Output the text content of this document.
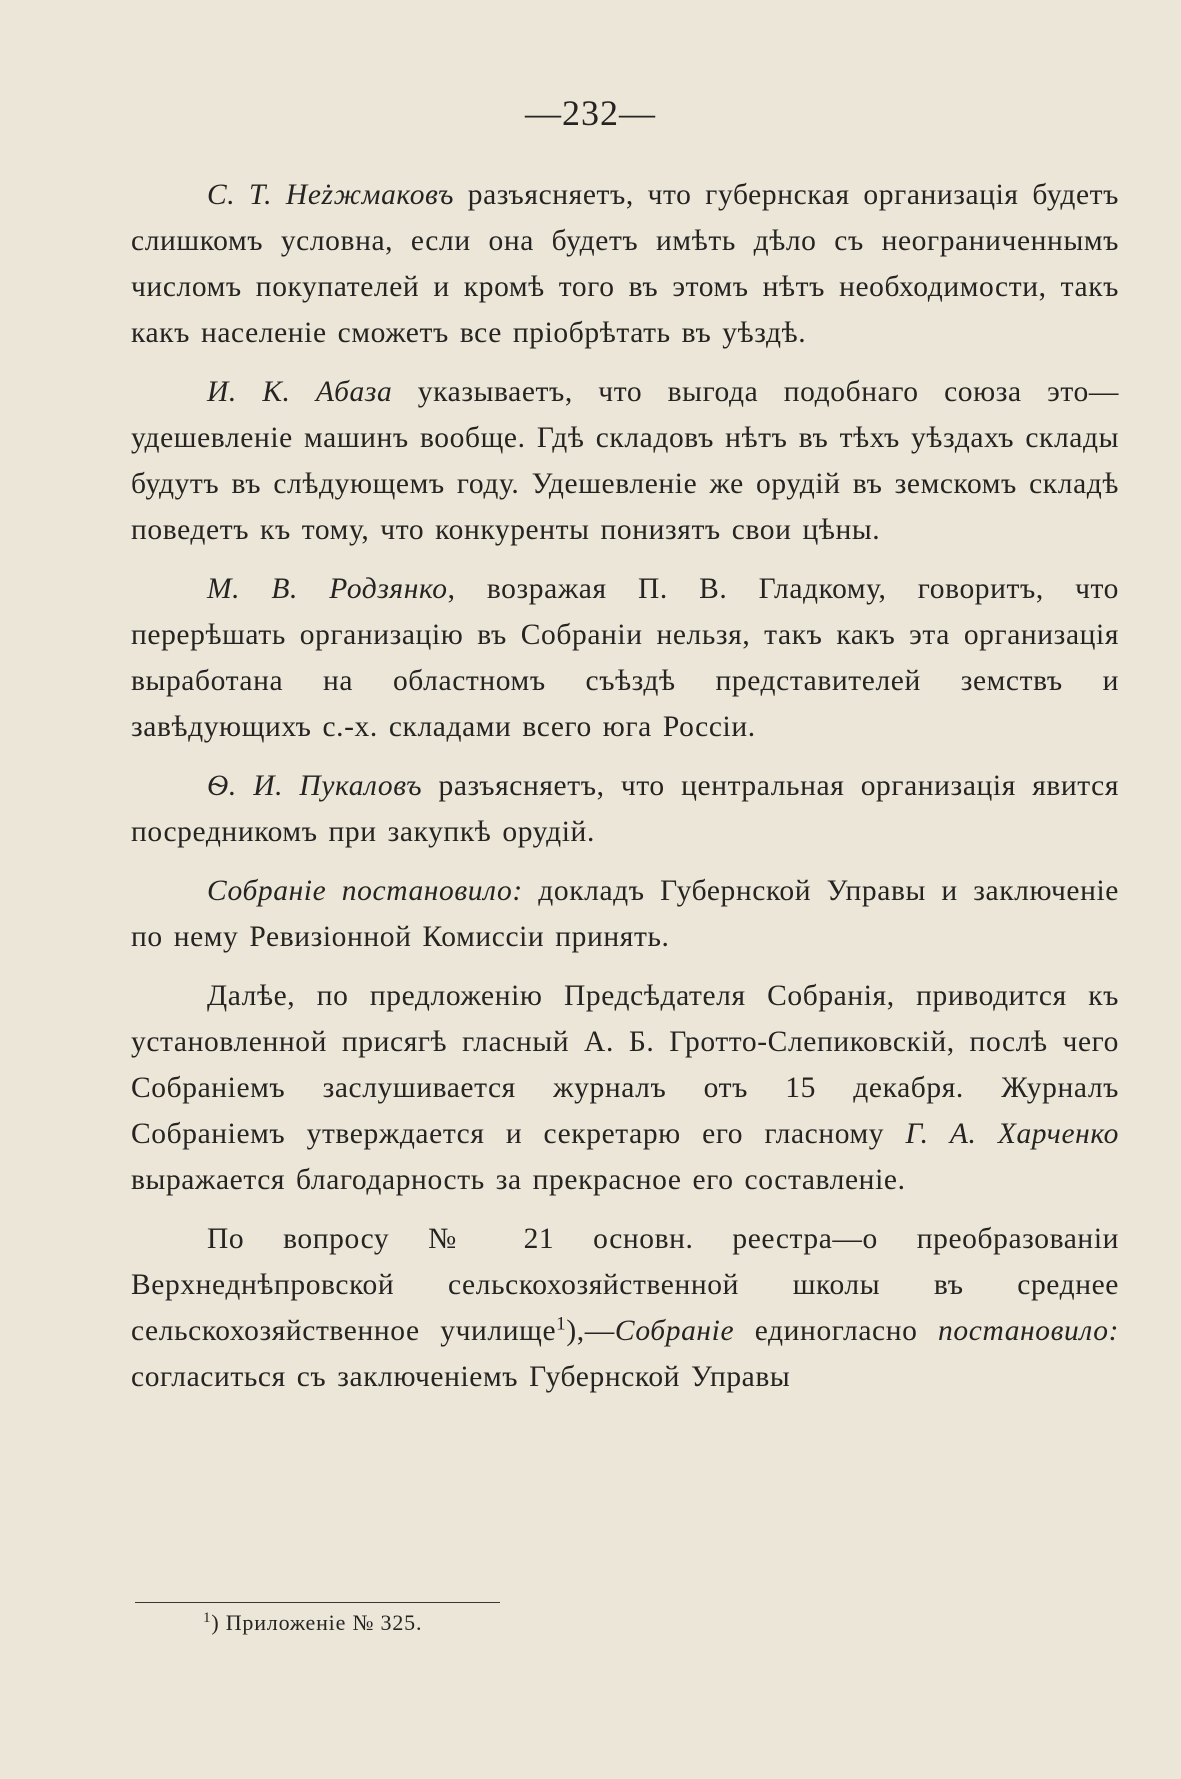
—232—

С. Т. Неżжмаковъ разъясняетъ, что губернская организація будетъ слишкомъ условна, если она будетъ имѣть дѣло съ неограниченнымъ числомъ покупателей и кромѣ того въ этомъ нѣтъ необходимости, такъ какъ населеніе сможетъ все пріобрѣтать въ уѣздѣ.

И. К. Абаза указываетъ, что выгода подобнаго союза это—удешевленіе машинъ вообще. Гдѣ складовъ нѣтъ въ тѣхъ уѣздахъ склады будутъ въ слѣдующемъ году. Удешевленіе же орудій въ земскомъ складѣ поведетъ къ тому, что конкуренты понизятъ свои цѣны.

М. В. Родзянко, возражая П. В. Гладкому, говоритъ, что перерѣшать организацію въ Собраніи нельзя, такъ какъ эта организація выработана на областномъ съѣздѣ представителей земствъ и завѣдующихъ с.-х. складами всего юга Россіи.

Ѳ. И. Пукаловъ разъясняетъ, что центральная организація явится посредникомъ при закупкѣ орудій.

Собраніе постановило: докладъ Губернской Управы и заключеніе по нему Ревизіонной Комиссіи принять.

Далѣе, по предложенію Предсѣдателя Собранія, приводится къ установленной присягѣ гласный А. Б. Гротто-Слепиковскій, послѣ чего Собраніемъ заслушивается журналъ отъ 15 декабря. Журналъ Собраніемъ утверждается и секретарю его гласному Г. А. Харченко выражается благодарность за прекрасное его составленіе.

По вопросу № 21 основн. реестра—о преобразованіи Верхнеднѣпровской сельскохозяйственной школы въ среднее сельскохозяйственное училище$^1$),—Собраніе единогласно постановило: согласиться съ заключеніемъ Губернской Управы

$^1$) Приложеніе № 325.
